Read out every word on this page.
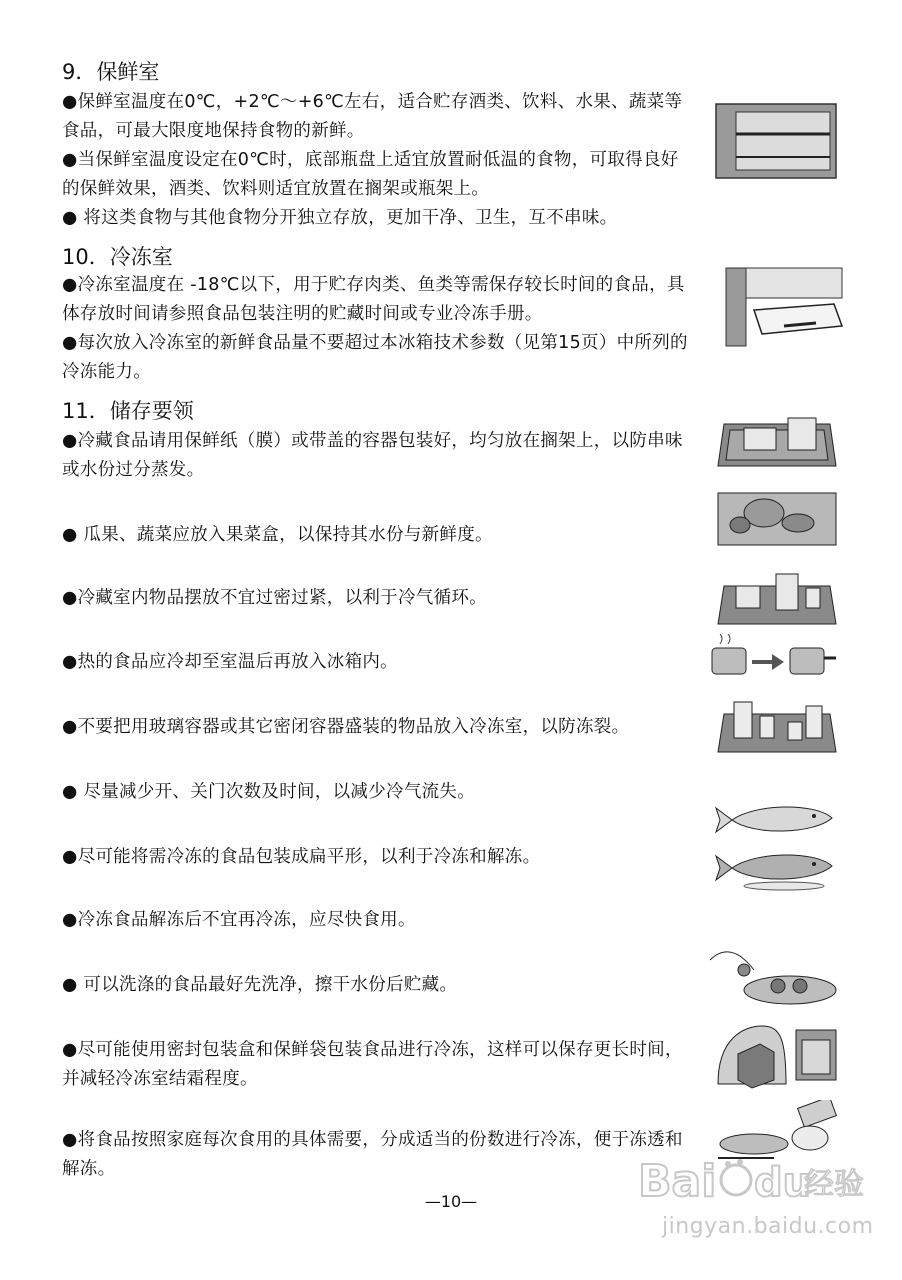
9．保鲜室

●保鲜室温度在0℃，+2℃～+6℃左右，适合贮存酒类、饮料、水果、蔬菜等食品，可最大限度地保持食物的新鲜。

●当保鲜室温度设定在0℃时，底部瓶盘上适宜放置耐低温的食物，可取得良好的保鲜效果，酒类、饮料则适宜放置在搁架或瓶架上。

● 将这类食物与其他食物分开独立存放，更加干净、卫生，互不串味。

10．冷冻室

●冷冻室温度在 -18℃以下，用于贮存肉类、鱼类等需保存较长时间的食品，具体存放时间请参照食品包装注明的贮藏时间或专业冷冻手册。

●每次放入冷冻室的新鲜食品量不要超过本冰箱技术参数（见第15页）中所列的冷冻能力。

11．储存要领

●冷藏食品请用保鲜纸（膜）或带盖的容器包装好，均匀放在搁架上，以防串味或水份过分蒸发。

● 瓜果、蔬菜应放入果菜盒，以保持其水份与新鲜度。

●冷藏室内物品摆放不宜过密过紧，以利于冷气循环。

●热的食品应冷却至室温后再放入冰箱内。

●不要把用玻璃容器或其它密闭容器盛装的物品放入冷冻室，以防冻裂。

● 尽量减少开、关门次数及时间，以减少冷气流失。

●尽可能将需冷冻的食品包装成扁平形，以利于冷冻和解冻。

●冷冻食品解冻后不宜再冷冻，应尽快食用。

● 可以洗涤的食品最好先洗净，擦干水份后贮藏。

●尽可能使用密封包装盒和保鲜袋包装食品进行冷冻，这样可以保存更长时间，并减轻冷冻室结霜程度。

●将食品按照家庭每次食用的具体需要，分成适当的份数进行冷冻，便于冻透和解冻。

—10—	Bai du
经验
jingyan.baidu.com
